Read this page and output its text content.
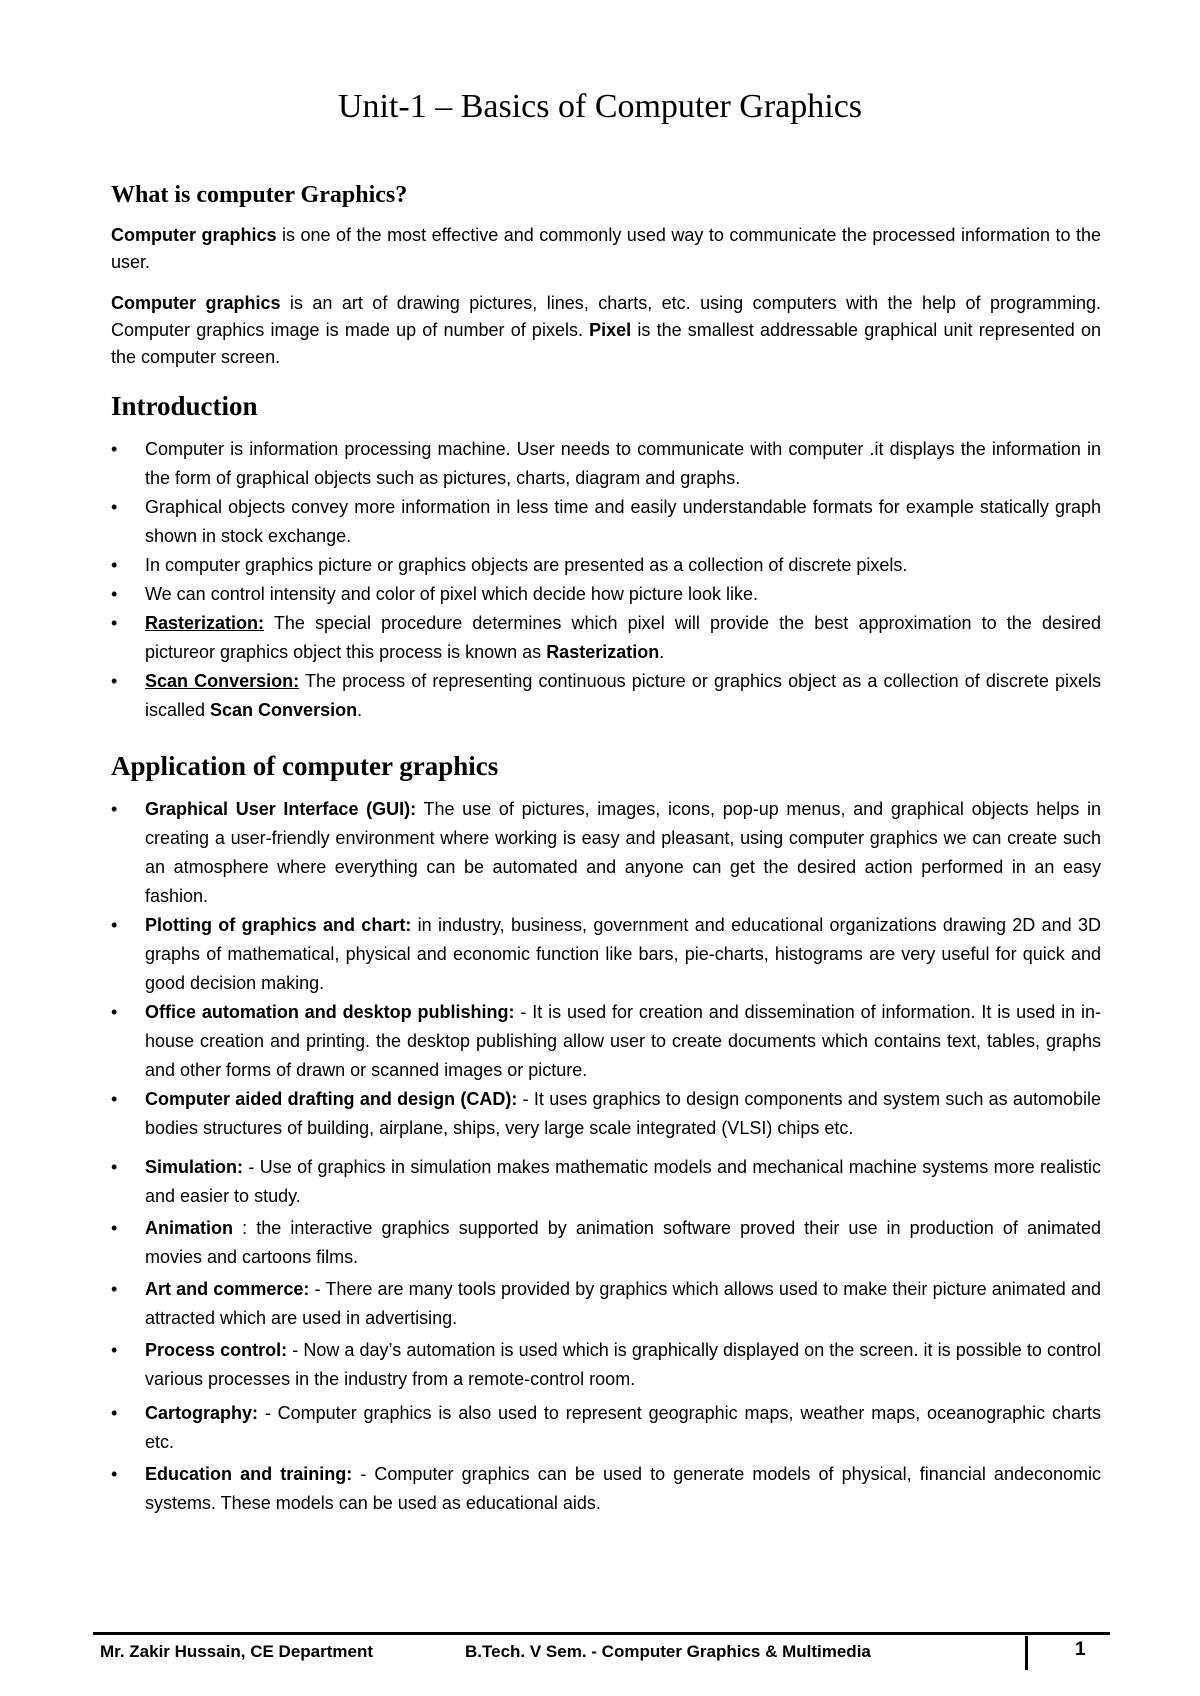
Unit-1 – Basics of Computer Graphics
What is computer Graphics?

Computer graphics is one of the most effective and commonly used way to communicate the processed information to the user.

Computer graphics is an art of drawing pictures, lines, charts, etc. using computers with the help of programming. Computer graphics image is made up of number of pixels. Pixel is the smallest addressable graphical unit represented on the computer screen.

Introduction
• Computer is information processing machine. User needs to communicate with computer .it displays the information in the form of graphical objects such as pictures, charts, diagram and graphs.
• Graphical objects convey more information in less time and easily understandable formats for example statically graph shown in stock exchange.
• In computer graphics picture or graphics objects are presented as a collection of discrete pixels.
• We can control intensity and color of pixel which decide how picture look like.
• Rasterization: The special procedure determines which pixel will provide the best approximation to the desired pictureor graphics object this process is known as Rasterization.
• Scan Conversion: The process of representing continuous picture or graphics object as a collection of discrete pixels iscalled Scan Conversion.
Application of computer graphics
• Graphical User Interface (GUI): The use of pictures, images, icons, pop-up menus, and graphical objects helps in creating a user-friendly environment where working is easy and pleasant, using computer graphics we can create such an atmosphere where everything can be automated and anyone can get the desired action performed in an easy fashion.
• Plotting of graphics and chart: in industry, business, government and educational organizations drawing 2D and 3D graphs of mathematical, physical and economic function like bars, pie-charts, histograms are very useful for quick and good decision making.
• Office automation and desktop publishing: - It is used for creation and dissemination of information. It is used in in-house creation and printing. the desktop publishing allow user to create documents which contains text, tables, graphs and other forms of drawn or scanned images or picture.
• Computer aided drafting and design (CAD): - It uses graphics to design components and system such as automobile bodies structures of building, airplane, ships, very large scale integrated (VLSI) chips etc.
• Simulation: - Use of graphics in simulation makes mathematic models and mechanical machine systems more realistic and easier to study.
• Animation : the interactive graphics supported by animation software proved their use in production of animated movies and cartoons films.
• Art and commerce: - There are many tools provided by graphics which allows used to make their picture animated and attracted which are used in advertising.
• Process control: - Now a day’s automation is used which is graphically displayed on the screen. it is possible to control various processes in the industry from a remote-control room.
• Cartography: - Computer graphics is also used to represent geographic maps, weather maps, oceanographic charts etc.
• Education and training: - Computer graphics can be used to generate models of physical, financial andeconomic systems. These models can be used as educational aids.
Mr. Zakir Hussain, CE Department	B.Tech. V Sem. - Computer Graphics & Multimedia	1
